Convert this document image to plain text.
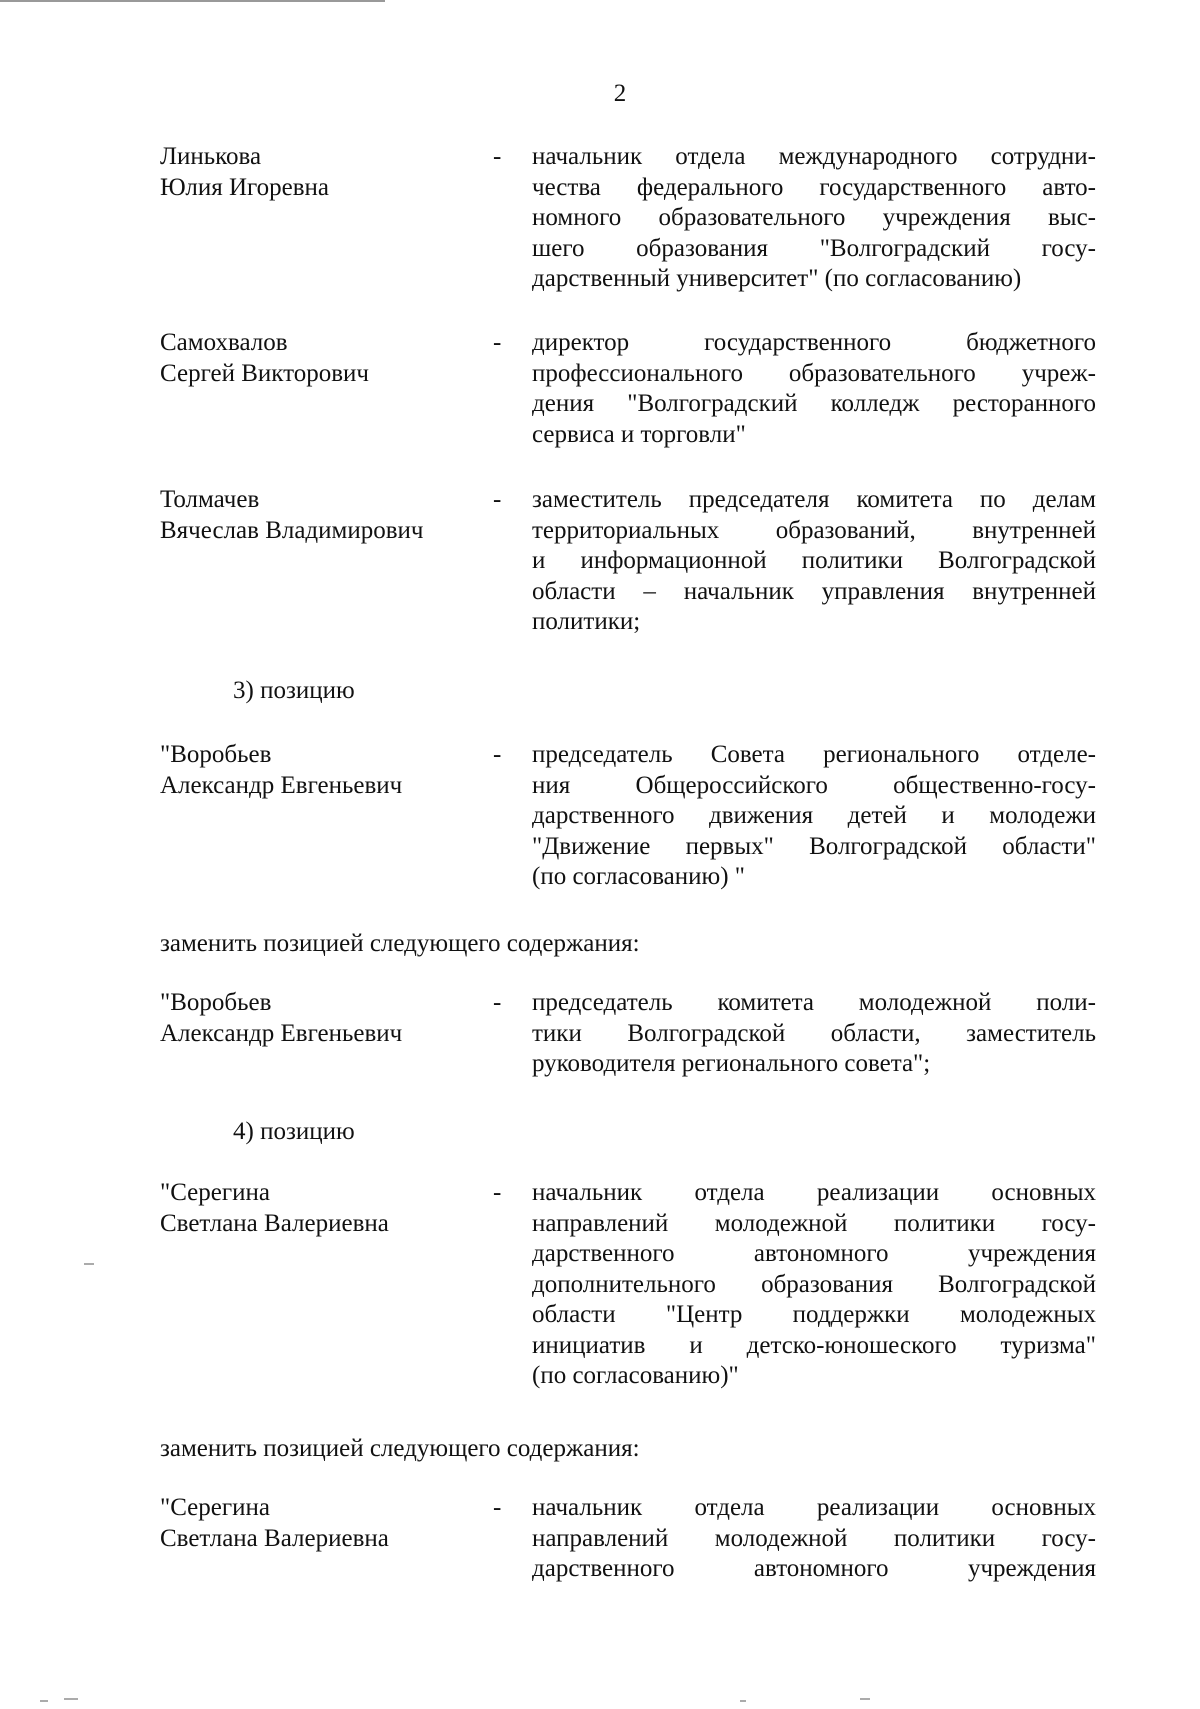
2
Линькова
Юлия Игоревна
- начальник отдела международного сотрудни-
чества федерального государственного авто-
номного образовательного учреждения выс-
шего образования "Волгоградский госу-
дарственный университет" (по согласованию)
Самохвалов
Сергей Викторович
- директор государственного бюджетного
профессионального образовательного учреж-
дения "Волгоградский колледж ресторанного
сервиса и торговли"
Толмачев
Вячеслав Владимирович
- заместитель председателя комитета по делам
территориальных образований, внутренней
и информационной политики Волгоградской
области – начальник управления внутренней
политики;
3) позицию
"Воробьев
Александр Евгеньевич
- председатель Совета регионального отделе-
ния Общероссийского общественно-госу-
дарственного движения детей и молодежи
"Движение первых" Волгоградской области"
(по согласованию) "
заменить позицией следующего содержания:
"Воробьев
Александр Евгеньевич
- председатель комитета молодежной поли-
тики Волгоградской области, заместитель
руководителя регионального совета";
4) позицию
"Серегина
Светлана Валериевна
- начальник отдела реализации основных
направлений молодежной политики госу-
дарственного автономного учреждения
дополнительного образования Волгоградской
области "Центр поддержки молодежных
инициатив и детско-юношеского туризма"
(по согласованию)"
заменить позицией следующего содержания:
"Серегина
Светлана Валериевна
- начальник отдела реализации основных
направлений молодежной политики госу-
дарственного автономного учреждения
